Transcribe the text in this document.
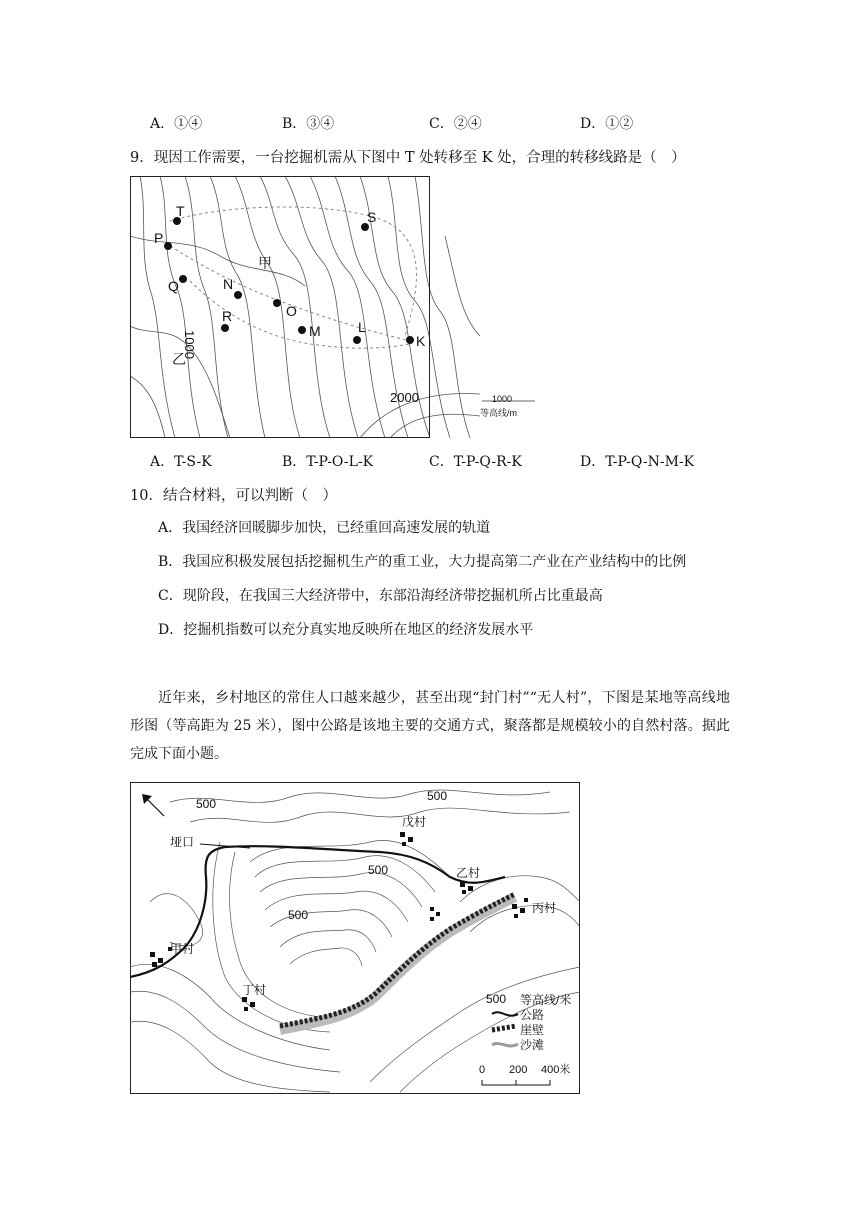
A．①④	B．③④	C．②④	D．①②
9．现因工作需要，一台挖掘机需从下图中 T 处转移至 K 处，合理的转移线路是（　）
T
P
Q	N
O
R
M	L
K
S
甲
乙
1000
2000	1000
等高线/m
A．T-S-K	B．T-P-O-L-K	C．T-P-Q-R-K	D．T-P-Q-N-M-K
10．结合材料，可以判断（　）
A．我国经济回暖脚步加快，已经重回高速发展的轨道
B．我国应积极发展包括挖掘机生产的重工业，大力提高第二产业在产业结构中的比例
C．现阶段，在我国三大经济带中，东部沿海经济带挖掘机所占比重最高
D．挖掘机指数可以充分真实地反映所在地区的经济发展水平

近年来，乡村地区的常住人口越来越少，甚至出现“封门村”“无人村”，下图是某地等高线地形图（等高距为 25 米），图中公路是该地主要的交通方式，聚落都是规模较小的自然村落。据此完成下面小题。

500
500
500
500
垭口
戊村
乙村
丙村
甲村
丁村
500 等高线/米
公路
崖壁
沙滩
0 200 400米
